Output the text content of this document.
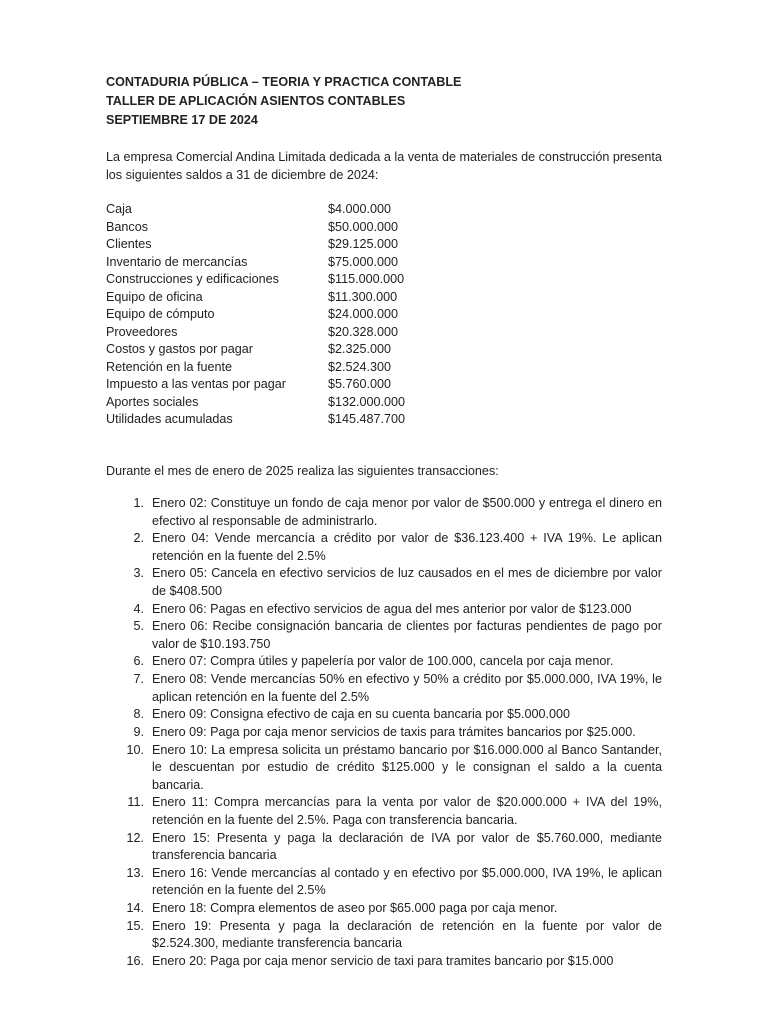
CONTADURIA PÚBLICA – TEORIA Y PRACTICA CONTABLE

TALLER DE APLICACIÓN ASIENTOS CONTABLES

SEPTIEMBRE 17 DE 2024

La empresa Comercial Andina Limitada dedicada a la venta de materiales de construcción presenta los siguientes saldos a 31 de diciembre de 2024:
Caja	$4.000.000
Bancos	$50.000.000
Clientes	$29.125.000
Inventario de mercancías	$75.000.000
Construcciones y edificaciones	$115.000.000
Equipo de oficina	$11.300.000
Equipo de cómputo	$24.000.000
Proveedores	$20.328.000
Costos y gastos por pagar	$2.325.000
Retención en la fuente	$2.524.300
Impuesto a las ventas por pagar	$5.760.000
Aportes sociales	$132.000.000
Utilidades acumuladas	$145.487.700
Durante el mes de enero de 2025 realiza las siguientes transacciones:
1. Enero 02: Constituye un fondo de caja menor por valor de $500.000 y entrega el dinero en efectivo al responsable de administrarlo.
2. Enero 04: Vende mercancía a crédito por valor de $36.123.400 + IVA 19%. Le aplican retención en la fuente del 2.5%
3. Enero 05: Cancela en efectivo servicios de luz causados en el mes de diciembre por valor de $408.500
4. Enero 06: Pagas en efectivo servicios de agua del mes anterior por valor de $123.000
5. Enero 06: Recibe consignación bancaria de clientes por facturas pendientes de pago por valor de $10.193.750
6. Enero 07: Compra útiles y papelería por valor de 100.000, cancela por caja menor.
7. Enero 08: Vende mercancías 50% en efectivo y 50% a crédito por $5.000.000, IVA 19%, le aplican retención en la fuente del 2.5%
8. Enero 09: Consigna efectivo de caja en su cuenta bancaria por $5.000.000
9. Enero 09: Paga por caja menor servicios de taxis para trámites bancarios por $25.000.
10. Enero 10: La empresa solicita un préstamo bancario por $16.000.000 al Banco Santander, le descuentan por estudio de crédito $125.000 y le consignan el saldo a la cuenta bancaria.
11. Enero 11: Compra mercancías para la venta por valor de $20.000.000 + IVA del 19%, retención en la fuente del 2.5%. Paga con transferencia bancaria.
12. Enero 15: Presenta y paga la declaración de IVA por valor de $5.760.000, mediante transferencia bancaria
13. Enero 16: Vende mercancías al contado y en efectivo por $5.000.000, IVA 19%, le aplican retención en la fuente del 2.5%
14. Enero 18: Compra elementos de aseo por $65.000 paga por caja menor.
15. Enero 19: Presenta y paga la declaración de retención en la fuente por valor de $2.524.300, mediante transferencia bancaria
16. Enero 20: Paga por caja menor servicio de taxi para tramites bancario por $15.000
